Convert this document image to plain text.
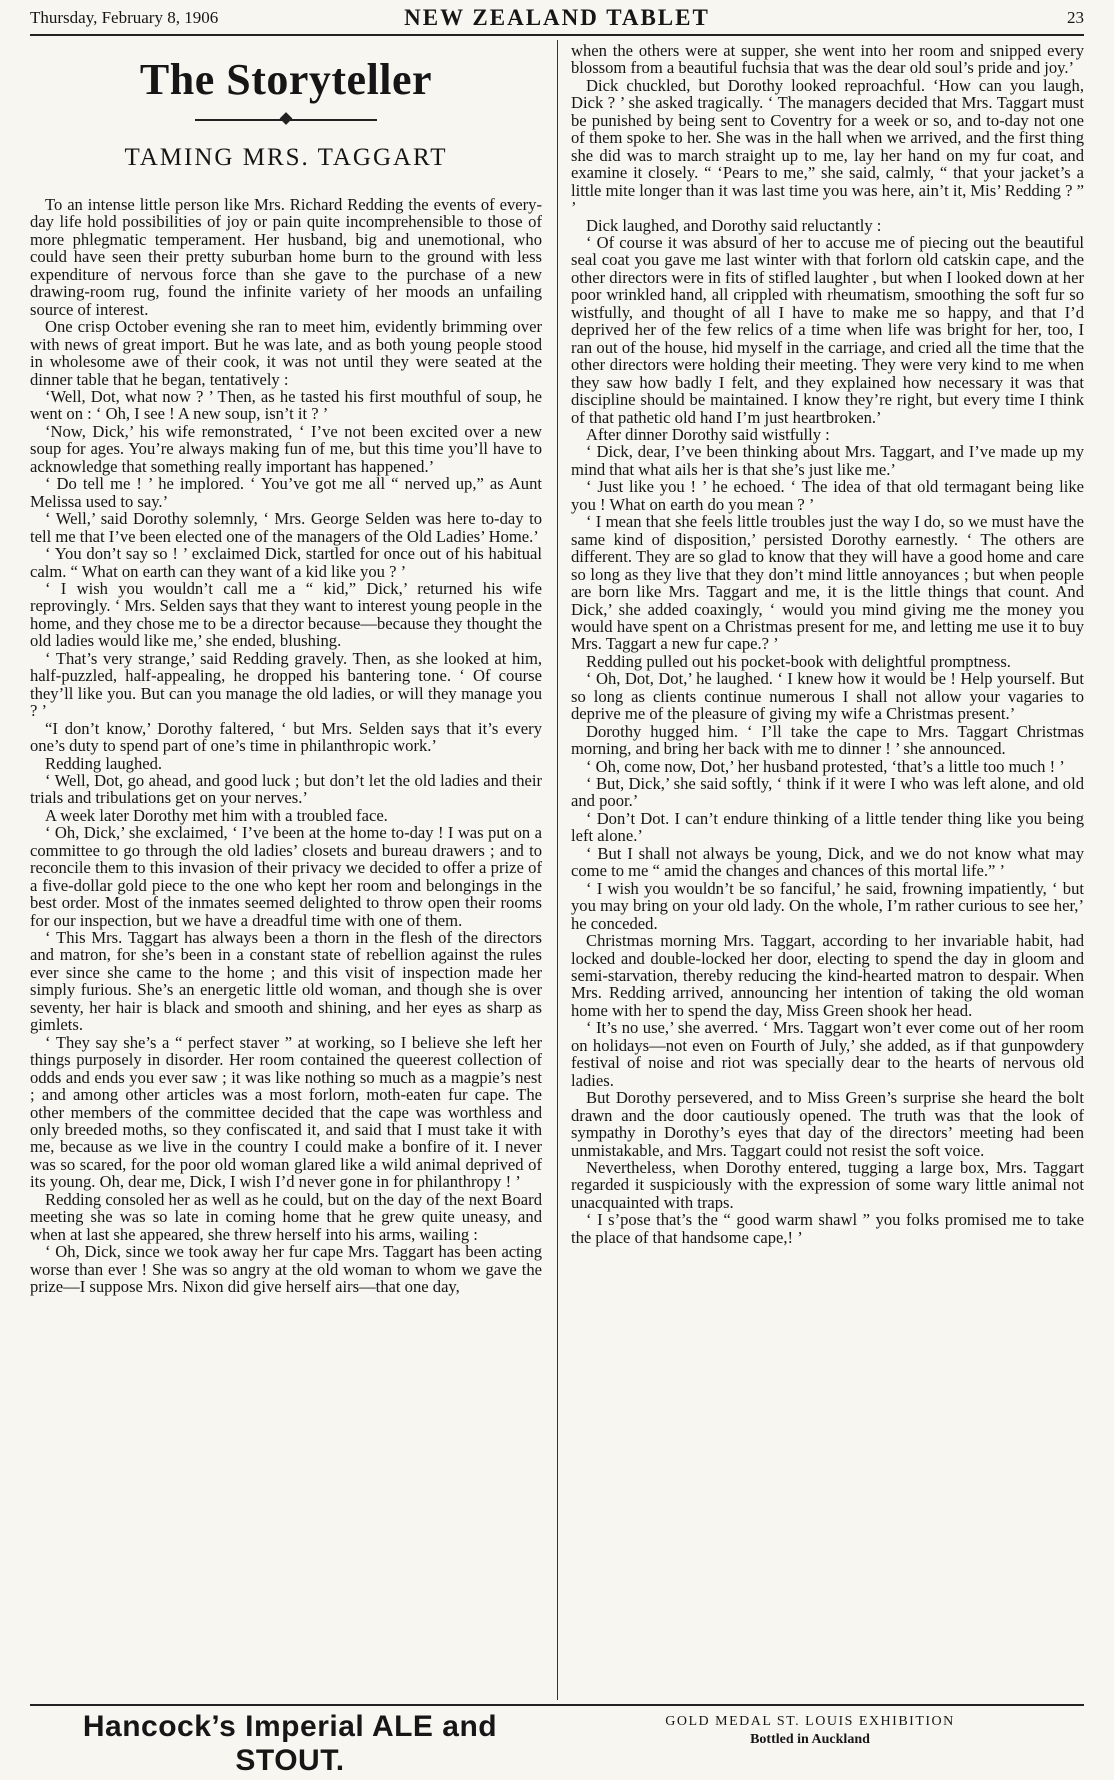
Thursday, February 8, 1906	NEW ZEALAND TABLET	23
The Storyteller
TAMING MRS. TAGGART

To an intense little person like Mrs. Richard Redding the events of every-day life hold possibilities of joy or pain quite incomprehensible to those of more phlegmatic temperament. Her husband, big and unemotional, who could have seen their pretty suburban home burn to the ground with less expenditure of nervous force than she gave to the purchase of a new drawing-room rug, found the infinite variety of her moods an unfailing source of interest.

One crisp October evening she ran to meet him, evidently brimming over with news of great import. But he was late, and as both young people stood in wholesome awe of their cook, it was not until they were seated at the dinner table that he began, tentatively :

‘Well, Dot, what now ? ’ Then, as he tasted his first mouthful of soup, he went on : ‘ Oh, I see ! A new soup, isn’t it ? ’

‘Now, Dick,’ his wife remonstrated, ‘ I’ve not been excited over a new soup for ages. You’re always making fun of me, but this time you’ll have to acknowledge that something really important has happened.’

‘ Do tell me ! ’ he implored. ‘ You’ve got me all “ nerved up,” as Aunt Melissa used to say.’

‘ Well,’ said Dorothy solemnly, ‘ Mrs. George Selden was here to-day to tell me that I’ve been elected one of the managers of the Old Ladies’ Home.’

‘ You don’t say so ! ’ exclaimed Dick, startled for once out of his habitual calm. “ What on earth can they want of a kid like you ? ’

‘ I wish you wouldn’t call me a “ kid,” Dick,’ returned his wife reprovingly. ‘ Mrs. Selden says that they want to interest young people in the home, and they chose me to be a director because—because they thought the old ladies would like me,’ she ended, blushing.

‘ That’s very strange,’ said Redding gravely. Then, as she looked at him, half-puzzled, half-appealing, he dropped his bantering tone. ‘ Of course they’ll like you. But can you manage the old ladies, or will they manage you ? ’

“I don’t know,’ Dorothy faltered, ‘ but Mrs. Selden says that it’s every one’s duty to spend part of one’s time in philanthropic work.’

Redding laughed.

‘ Well, Dot, go ahead, and good luck ; but don’t let the old ladies and their trials and tribulations get on your nerves.’

A week later Dorothy met him with a troubled face.

‘ Oh, Dick,’ she exclaimed, ‘ I’ve been at the home to-day ! I was put on a committee to go through the old ladies’ closets and bureau drawers ; and to reconcile them to this invasion of their privacy we decided to offer a prize of a five-dollar gold piece to the one who kept her room and belongings in the best order. Most of the inmates seemed delighted to throw open their rooms for our inspection, but we have a dreadful time with one of them.

‘ This Mrs. Taggart has always been a thorn in the flesh of the directors and matron, for she’s been in a constant state of rebellion against the rules ever since she came to the home ; and this visit of inspection made her simply furious. She’s an energetic little old woman, and though she is over seventy, her hair is black and smooth and shining, and her eyes as sharp as gimlets.

‘ They say she’s a “ perfect staver ” at working, so I believe she left her things purposely in disorder. Her room contained the queerest collection of odds and ends you ever saw ; it was like nothing so much as a magpie’s nest ; and among other articles was a most forlorn, moth-eaten fur cape. The other members of the committee decided that the cape was worthless and only breeded moths, so they confiscated it, and said that I must take it with me, because as we live in the country I could make a bonfire of it. I never was so scared, for the poor old woman glared like a wild animal deprived of its young. Oh, dear me, Dick, I wish I’d never gone in for philanthropy ! ’

Redding consoled her as well as he could, but on the day of the next Board meeting she was so late in coming home that he grew quite uneasy, and when at last she appeared, she threw herself into his arms, wailing :

‘ Oh, Dick, since we took away her fur cape Mrs. Taggart has been acting worse than ever ! She was so angry at the old woman to whom we gave the prize—I suppose Mrs. Nixon did give herself airs—that one day,

when the others were at supper, she went into her room and snipped every blossom from a beautiful fuchsia that was the dear old soul’s pride and joy.’

Dick chuckled, but Dorothy looked reproachful. ‘How can you laugh, Dick ? ’ she asked tragically. ‘ The managers decided that Mrs. Taggart must be punished by being sent to Coventry for a week or so, and to-day not one of them spoke to her. She was in the hall when we arrived, and the first thing she did was to march straight up to me, lay her hand on my fur coat, and examine it closely. “ ‘Pears to me,” she said, calmly, “ that your jacket’s a little mite longer than it was last time you was here, ain’t it, Mis’ Redding ? ” ’

Dick laughed, and Dorothy said reluctantly :

‘ Of course it was absurd of her to accuse me of piecing out the beautiful seal coat you gave me last winter with that forlorn old catskin cape, and the other directors were in fits of stifled laughter , but when I looked down at her poor wrinkled hand, all crippled with rheumatism, smoothing the soft fur so wistfully, and thought of all I have to make me so happy, and that I’d deprived her of the few relics of a time when life was bright for her, too, I ran out of the house, hid myself in the carriage, and cried all the time that the other directors were holding their meeting. They were very kind to me when they saw how badly I felt, and they explained how necessary it was that discipline should be maintained. I know they’re right, but every time I think of that pathetic old hand I’m just heartbroken.’

After dinner Dorothy said wistfully :

‘ Dick, dear, I’ve been thinking about Mrs. Taggart, and I’ve made up my mind that what ails her is that she’s just like me.’

‘ Just like you ! ’ he echoed. ‘ The idea of that old termagant being like you ! What on earth do you mean ? ’

‘ I mean that she feels little troubles just the way I do, so we must have the same kind of disposition,’ persisted Dorothy earnestly. ‘ The others are different. They are so glad to know that they will have a good home and care so long as they live that they don’t mind little annoyances ; but when people are born like Mrs. Taggart and me, it is the little things that count. And Dick,’ she added coaxingly, ‘ would you mind giving me the money you would have spent on a Christmas present for me, and letting me use it to buy Mrs. Taggart a new fur cape.? ’

Redding pulled out his pocket-book with delightful promptness.

‘ Oh, Dot, Dot,’ he laughed. ‘ I knew how it would be ! Help yourself. But so long as clients continue numerous I shall not allow your vagaries to deprive me of the pleasure of giving my wife a Christmas present.’

Dorothy hugged him. ‘ I’ll take the cape to Mrs. Taggart Christmas morning, and bring her back with me to dinner ! ’ she announced.

‘ Oh, come now, Dot,’ her husband protested, ‘that’s a little too much ! ’

‘ But, Dick,’ she said softly, ‘ think if it were I who was left alone, and old and poor.’

‘ Don’t Dot. I can’t endure thinking of a little tender thing like you being left alone.’

‘ But I shall not always be young, Dick, and we do not know what may come to me “ amid the changes and chances of this mortal life.” ’

‘ I wish you wouldn’t be so fanciful,’ he said, frowning impatiently, ‘ but you may bring on your old lady. On the whole, I’m rather curious to see her,’ he conceded.

Christmas morning Mrs. Taggart, according to her invariable habit, had locked and double-locked her door, electing to spend the day in gloom and semi-starvation, thereby reducing the kind-hearted matron to despair. When Mrs. Redding arrived, announcing her intention of taking the old woman home with her to spend the day, Miss Green shook her head.

‘ It’s no use,’ she averred. ‘ Mrs. Taggart won’t ever come out of her room on holidays—not even on Fourth of July,’ she added, as if that gunpowdery festival of noise and riot was specially dear to the hearts of nervous old ladies.

But Dorothy persevered, and to Miss Green’s surprise she heard the bolt drawn and the door cautiously opened. The truth was that the look of sympathy in Dorothy’s eyes that day of the directors’ meeting had been unmistakable, and Mrs. Taggart could not resist the soft voice.

Nevertheless, when Dorothy entered, tugging a large box, Mrs. Taggart regarded it suspiciously with the expression of some wary little animal not unacquainted with traps.

‘ I s’pose that’s the “ good warm shawl ” you folks promised me to take the place of that handsome cape,! ’

Hancock’s Imperial ALE and STOUT.
GOLD MEDAL ST. LOUIS EXHIBITION
Bottled in Auckland
